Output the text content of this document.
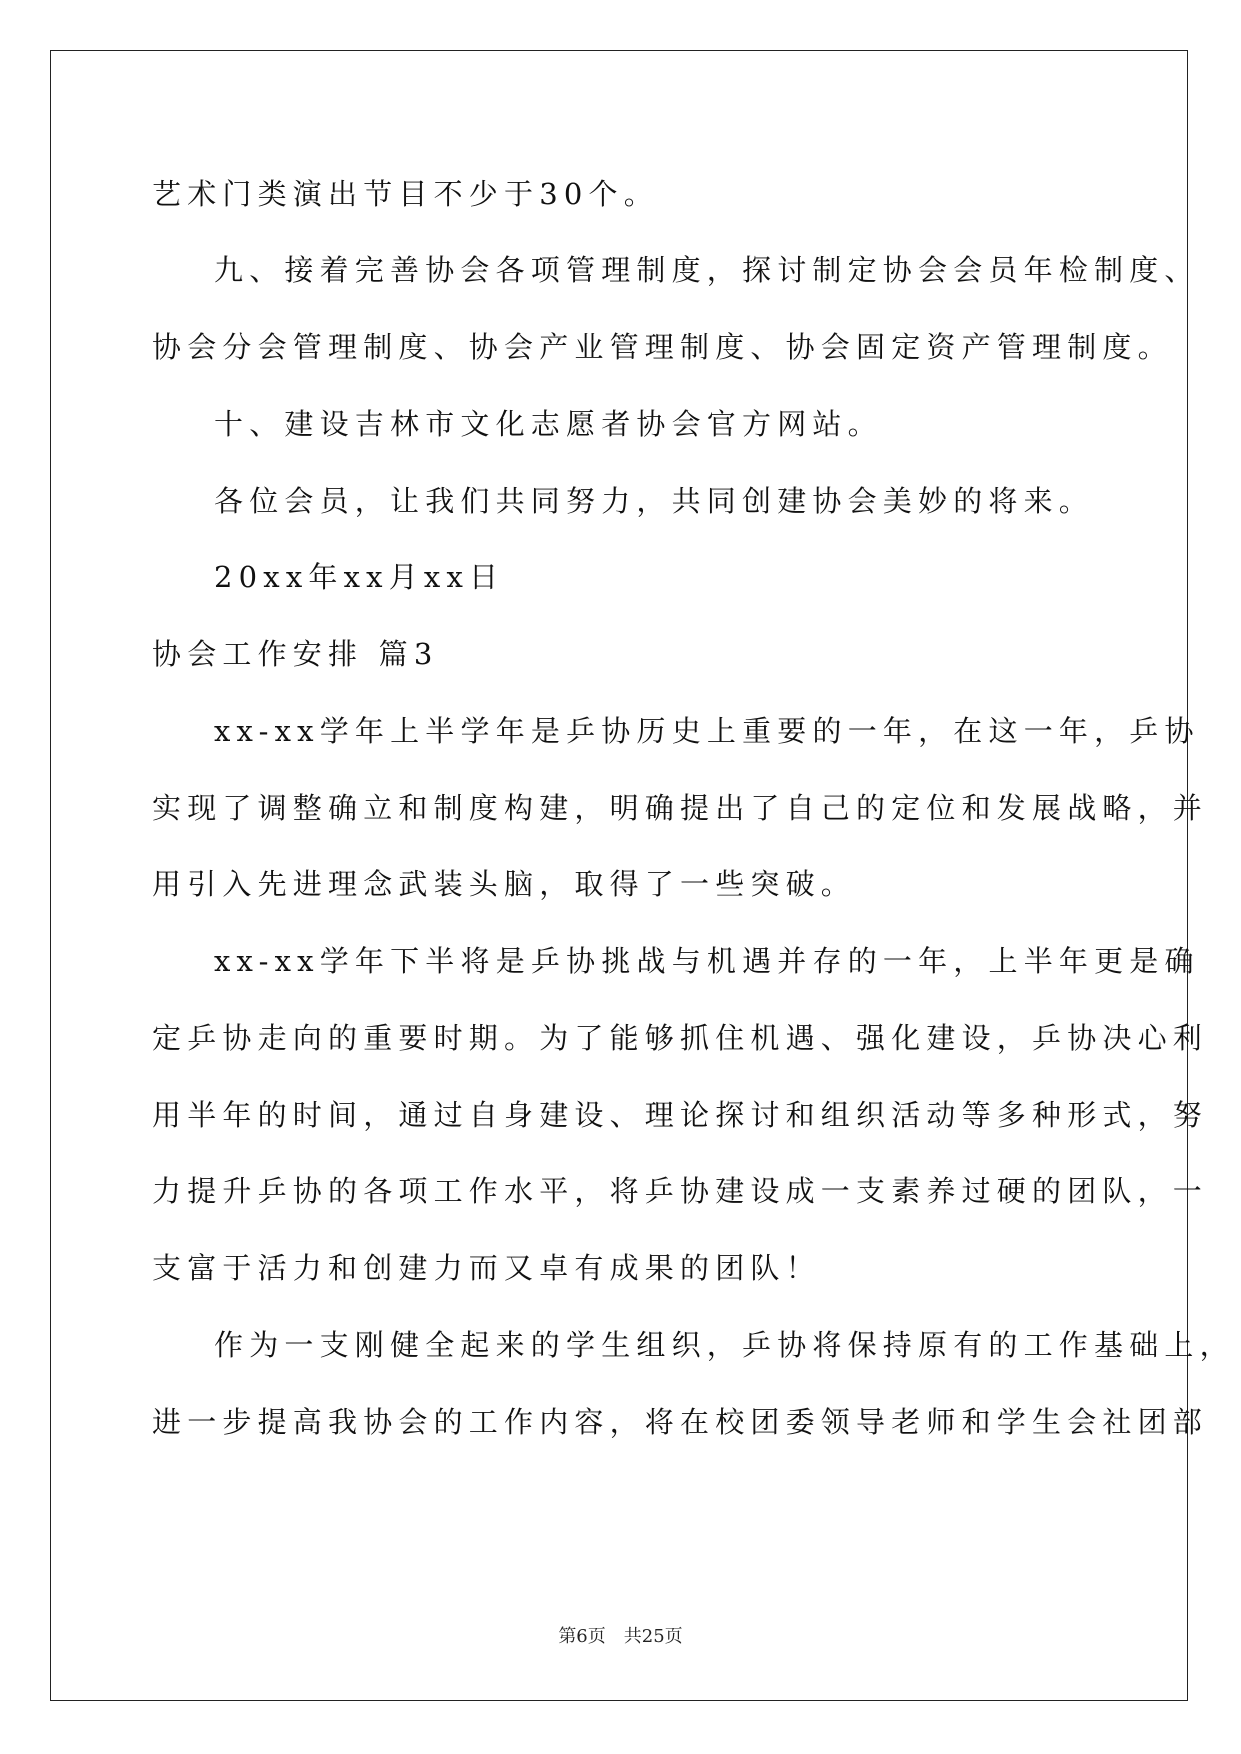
艺术门类演出节目不少于30个。
九、接着完善协会各项管理制度，探讨制定协会会员年检制度、
协会分会管理制度、协会产业管理制度、协会固定资产管理制度。
十、建设吉林市文化志愿者协会官方网站。
各位会员，让我们共同努力，共同创建协会美妙的将来。
20xx年xx月xx日
协会工作安排 篇3
xx-xx学年上半学年是乒协历史上重要的一年，在这一年，乒协
实现了调整确立和制度构建，明确提出了自己的定位和发展战略，并
用引入先进理念武装头脑，取得了一些突破。
xx-xx学年下半将是乒协挑战与机遇并存的一年，上半年更是确
定乒协走向的重要时期。为了能够抓住机遇、强化建设，乒协决心利
用半年的时间，通过自身建设、理论探讨和组织活动等多种形式，努
力提升乒协的各项工作水平，将乒协建设成一支素养过硬的团队，一
支富于活力和创建力而又卓有成果的团队！
作为一支刚健全起来的学生组织，乒协将保持原有的工作基础上，
进一步提高我协会的工作内容，将在校团委领导老师和学生会社团部
第6页 共25页
